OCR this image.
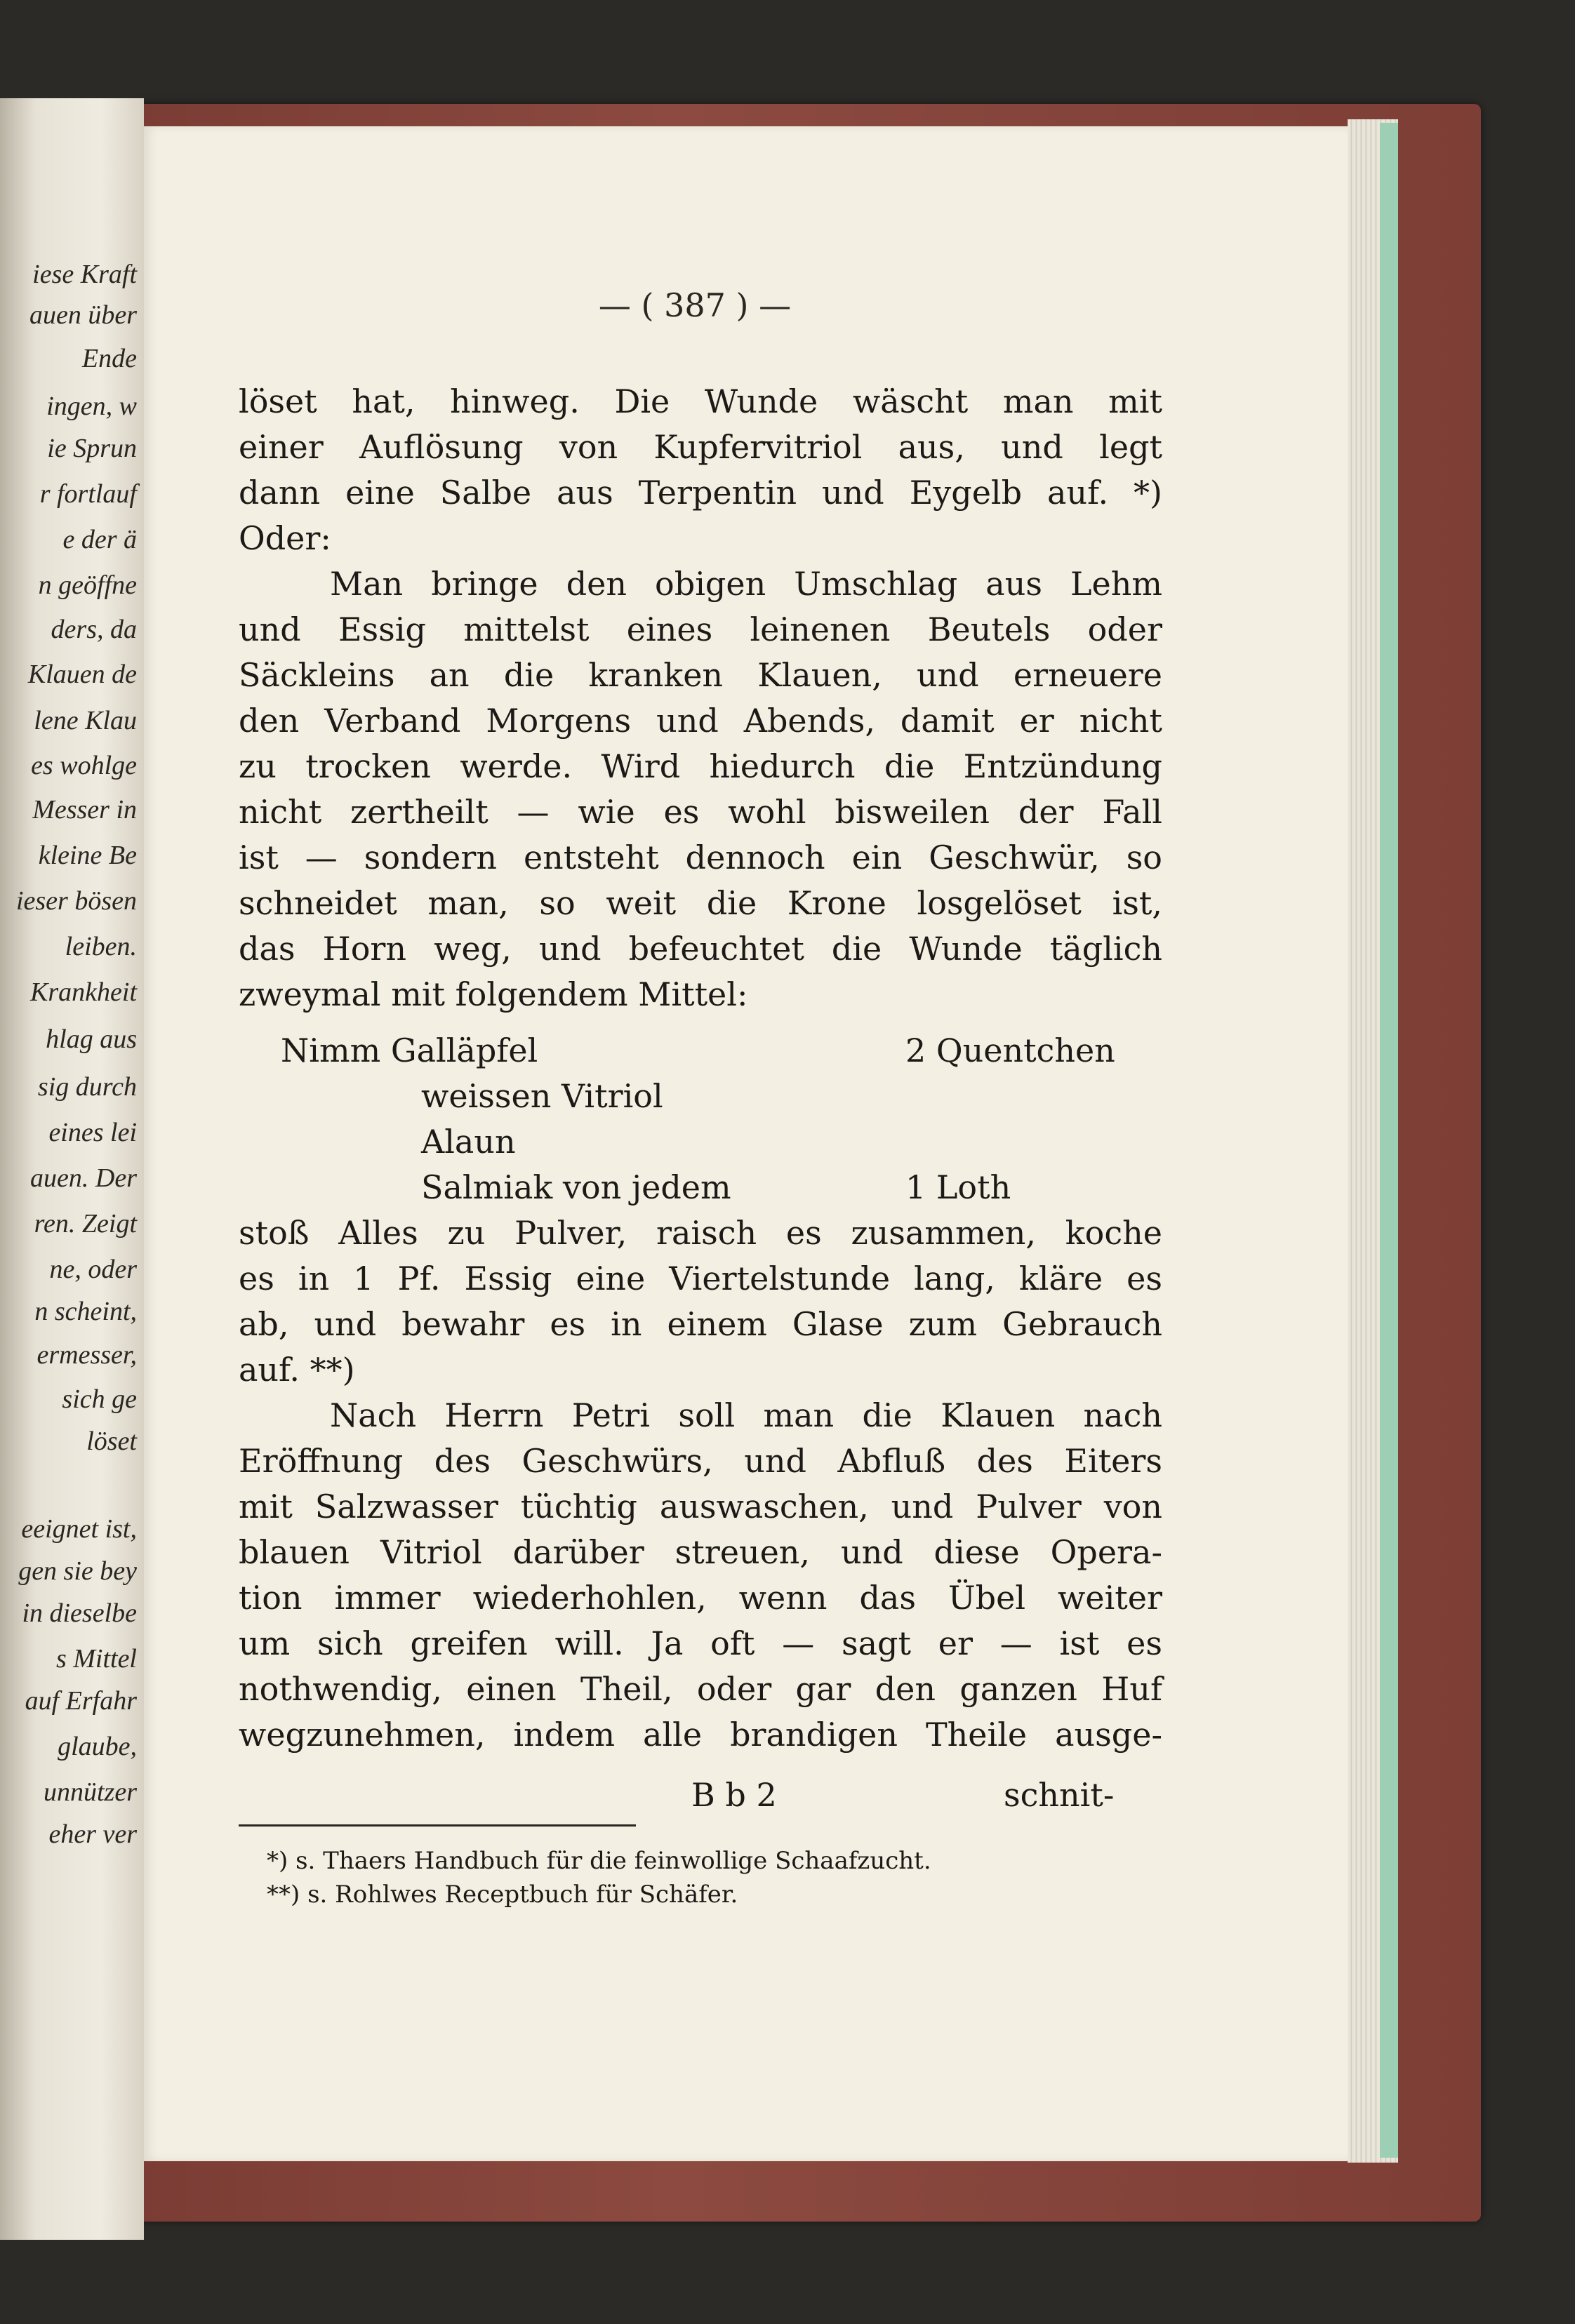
iese Kraft
auen über
Ende
ingen, w
ie Sprun
r fortlauf
e der ä
n geöffne
ders, da
Klauen de
lene Klau
es wohlge
Messer in
kleine Be
ieser bösen
leiben.
Krankheit
hlag aus
sig durch
eines lei
auen. Der
ren. Zeigt
ne, oder
n scheint,
ermesser,
sich ge
löset
eeignet ist,
gen sie bey
in dieselbe
s Mittel
auf Erfahr
glaube,
unnützer
eher ver
— ( 387 ) —
löset hat, hinweg. Die Wunde wäscht man mit
einer Auflösung von Kupfervitriol aus, und legt
dann eine Salbe aus Terpentin und Eygelb auf. *)
Oder:
Man bringe den obigen Umschlag aus Lehm
und Essig mittelst eines leinenen Beutels oder
Säckleins an die kranken Klauen, und erneuere
den Verband Morgens und Abends, damit er nicht
zu trocken werde. Wird hiedurch die Entzündung
nicht zertheilt — wie es wohl bisweilen der Fall
ist — sondern entsteht dennoch ein Geschwür, so
schneidet man, so weit die Krone losgelöset ist,
das Horn weg, und befeuchtet die Wunde täglich
zweymal mit folgendem Mittel:
Nimm Galläpfel	2 Quentchen
weissen Vitriol
Alaun
Salmiak von jedem	1 Loth
stoß Alles zu Pulver, raisch es zusammen, koche
es in 1 Pf. Essig eine Viertelstunde lang, kläre es
ab, und bewahr es in einem Glase zum Gebrauch
auf. **)
Nach Herrn Petri soll man die Klauen nach
Eröffnung des Geschwürs, und Abfluß des Eiters
mit Salzwasser tüchtig auswaschen, und Pulver von
blauen Vitriol darüber streuen, und diese Opera-
tion immer wiederhohlen, wenn das Übel weiter
um sich greifen will. Ja oft — sagt er — ist es
nothwendig, einen Theil, oder gar den ganzen Huf
wegzunehmen, indem alle brandigen Theile ausge-
B b 2	schnit-
*) s. Thaers Handbuch für die feinwollige Schaafzucht.
**) s. Rohlwes Receptbuch für Schäfer.
